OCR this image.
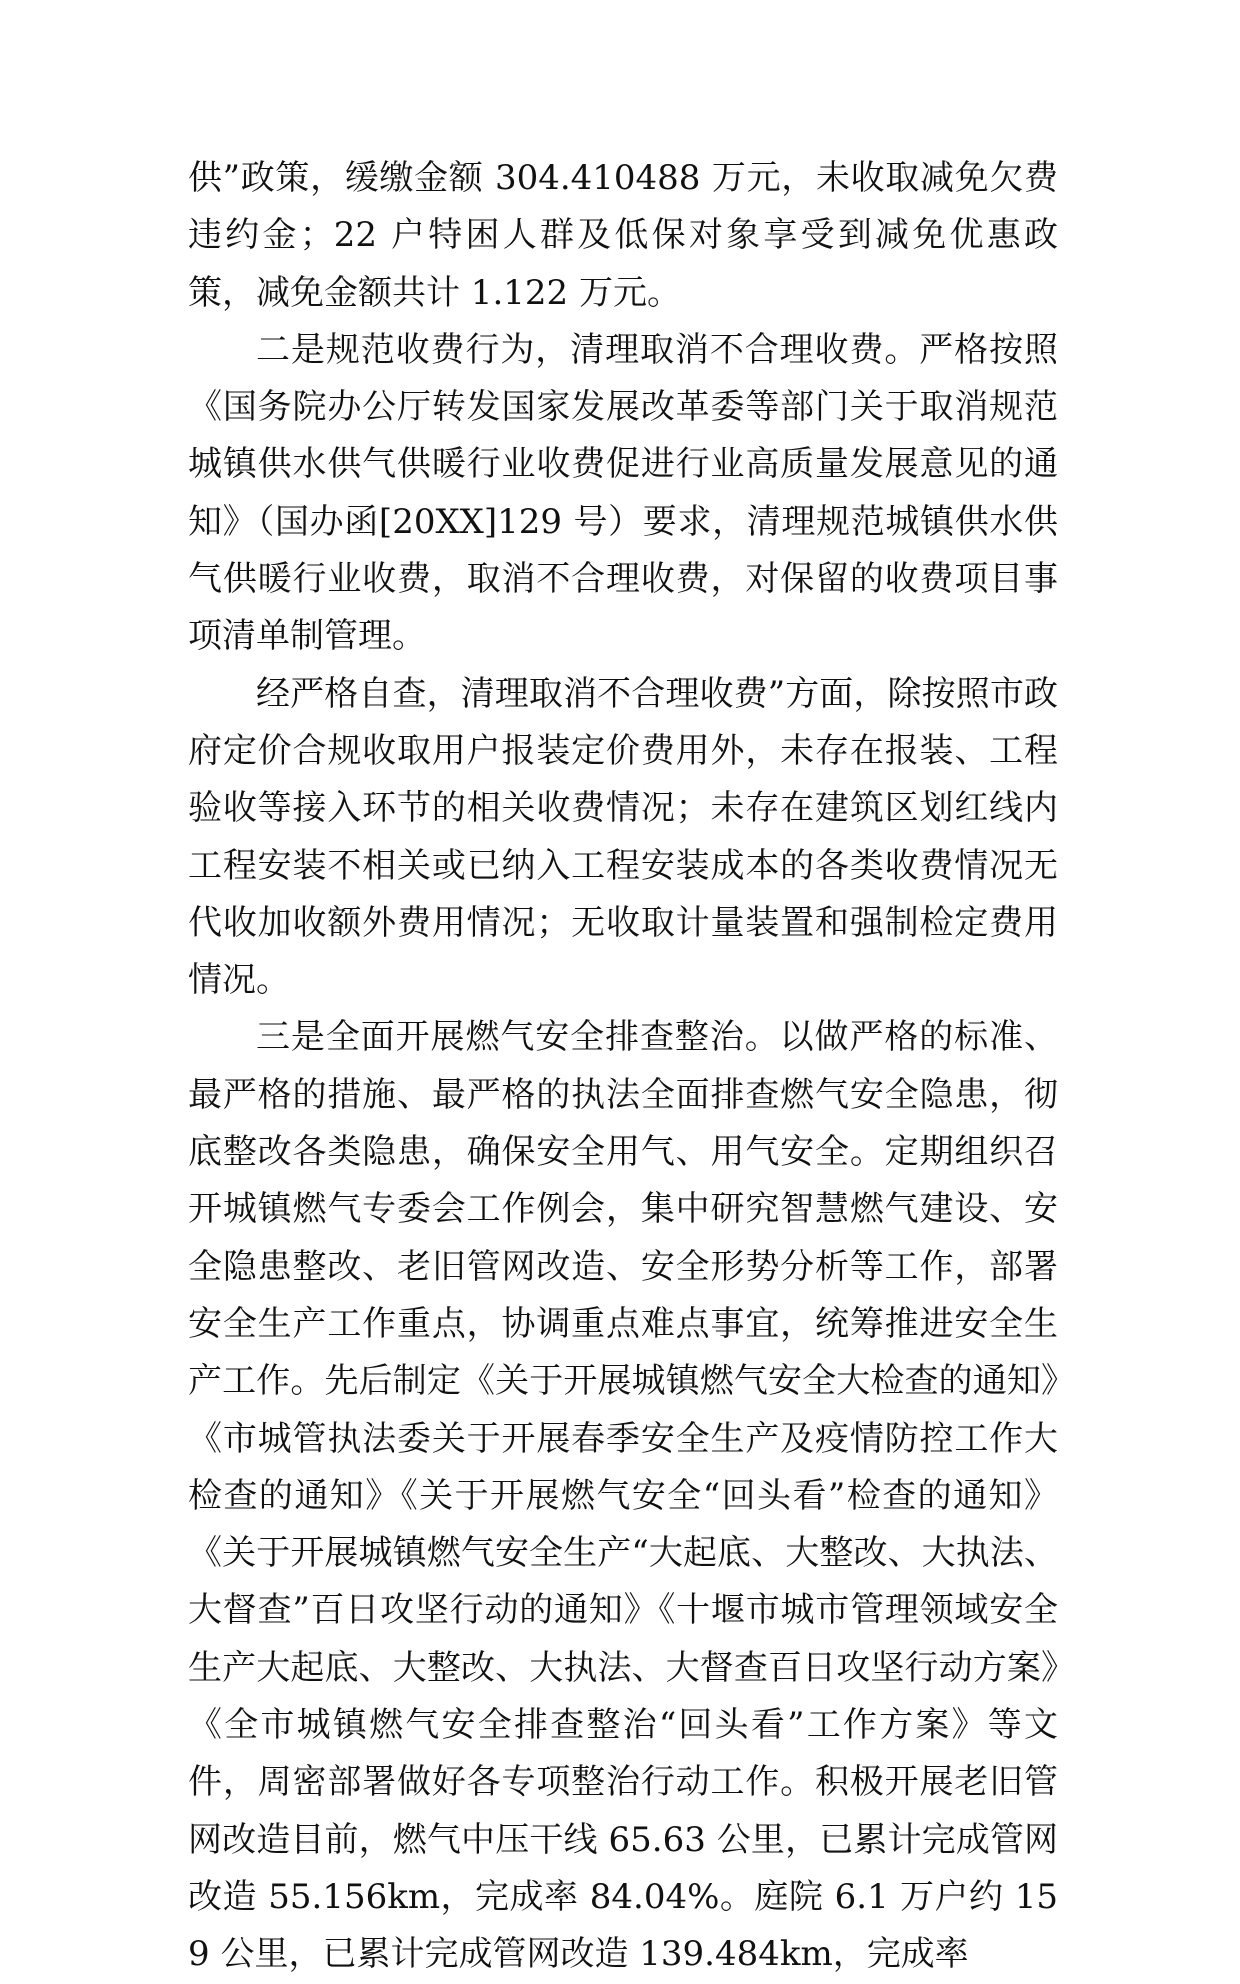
供”政策，缓缴金额 304.410488 万元，未收取减免欠费违约金；22 户特困人群及低保对象享受到减免优惠政策，减免金额共计 1.122 万元。

二是规范收费行为，清理取消不合理收费。严格按照《国务院办公厅转发国家发展改革委等部门关于取消规范城镇供水供气供暖行业收费促进行业高质量发展意见的通知》（国办函[20XX]129 号）要求，清理规范城镇供水供气供暖行业收费，取消不合理收费，对保留的收费项目事项清单制管理。

经严格自查，清理取消不合理收费”方面，除按照市政府定价合规收取用户报装定价费用外，未存在报装、工程验收等接入环节的相关收费情况；未存在建筑区划红线内工程安装不相关或已纳入工程安装成本的各类收费情况无代收加收额外费用情况；无收取计量装置和强制检定费用情况。

三是全面开展燃气安全排查整治。以做严格的标准、最严格的措施、最严格的执法全面排查燃气安全隐患，彻底整改各类隐患，确保安全用气、用气安全。定期组织召开城镇燃气专委会工作例会，集中研究智慧燃气建设、安全隐患整改、老旧管网改造、安全形势分析等工作，部署安全生产工作重点，协调重点难点事宜，统筹推进安全生产工作。先后制定《关于开展城镇燃气安全大检查的通知》《市城管执法委关于开展春季安全生产及疫情防控工作大检查的通知》《关于开展燃气安全“回头看”检查的通知》《关于开展城镇燃气安全生产“大起底、大整改、大执法、大督查”百日攻坚行动的通知》《十堰市城市管理领域安全生产大起底、大整改、大执法、大督查百日攻坚行动方案》《全市城镇燃气安全排查整治“回头看”工作方案》等文件，周密部署做好各专项整治行动工作。积极开展老旧管网改造目前，燃气中压干线 65.63 公里，已累计完成管网改造 55.156km，完成率 84.04%。庭院 6.1 万户约 159 公里，已累计完成管网改造 139.484km，完成率
